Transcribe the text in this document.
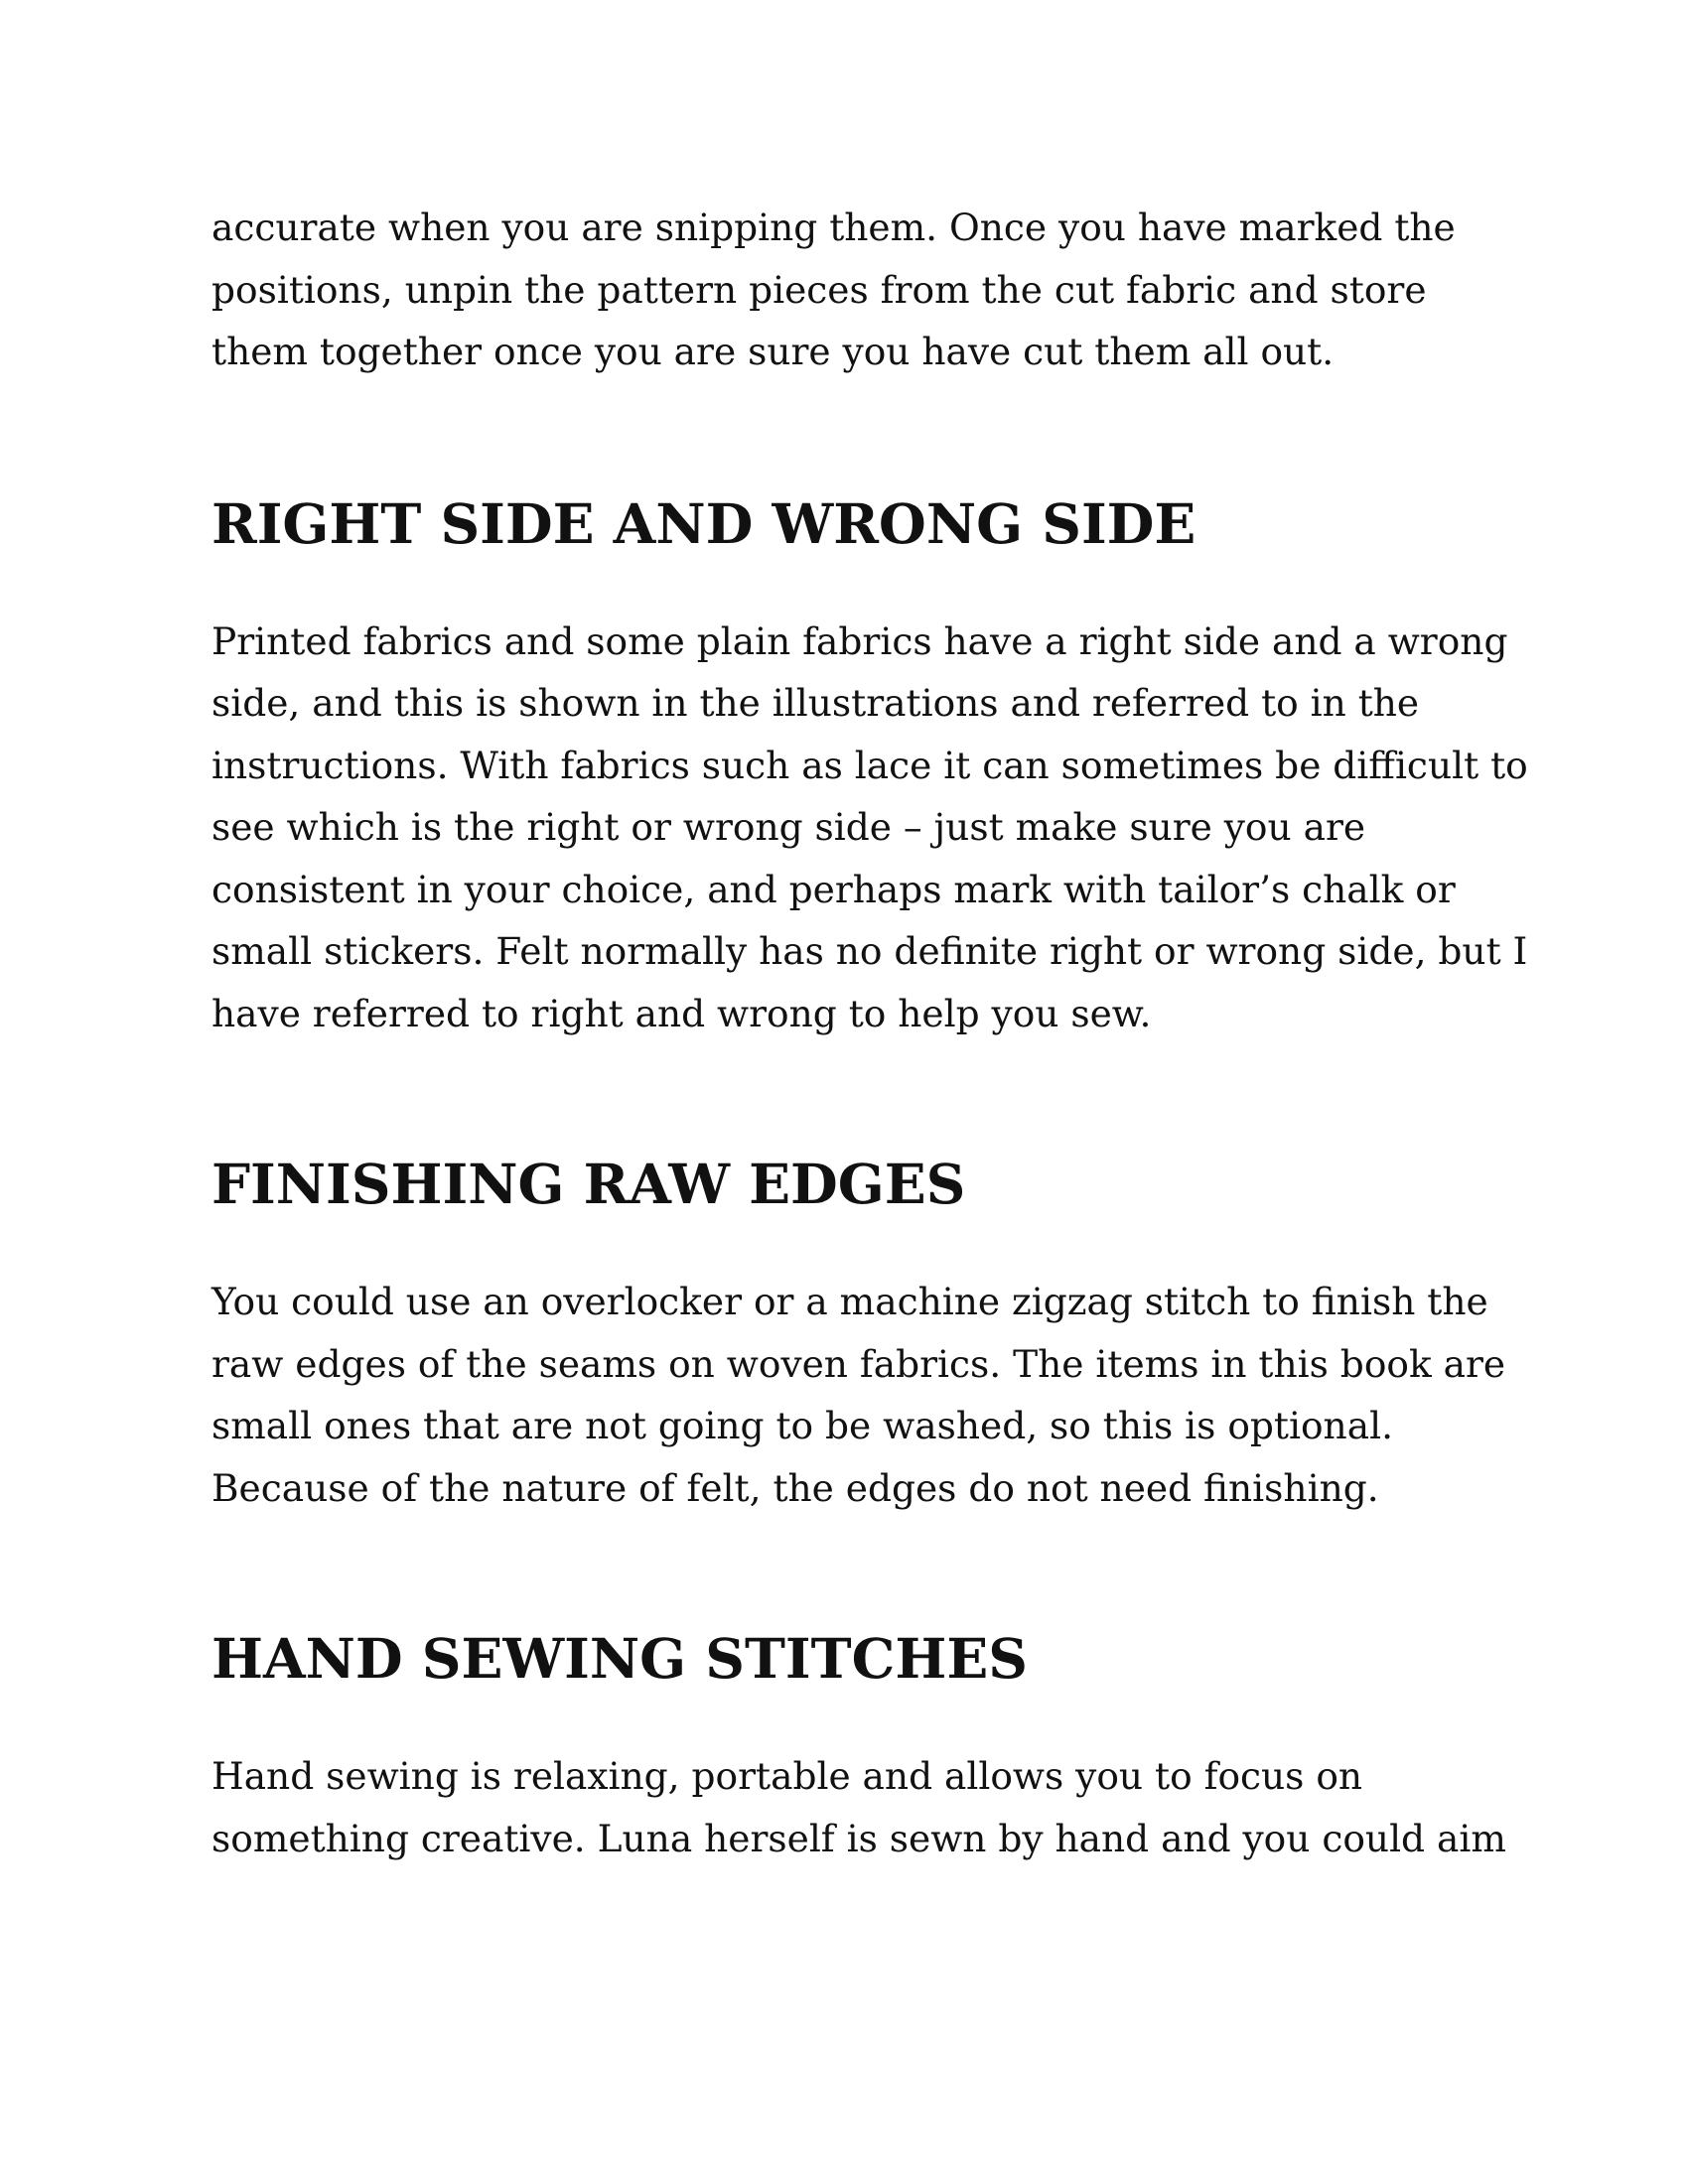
accurate when you are snipping them. Once you have marked the
positions, unpin the pattern pieces from the cut fabric and store
them together once you are sure you have cut them all out.

RIGHT SIDE AND WRONG SIDE

Printed fabrics and some plain fabrics have a right side and a wrong
side, and this is shown in the illustrations and referred to in the
instructions. With fabrics such as lace it can sometimes be difficult to
see which is the right or wrong side – just make sure you are
consistent in your choice, and perhaps mark with tailor’s chalk or
small stickers. Felt normally has no definite right or wrong side, but I
have referred to right and wrong to help you sew.

FINISHING RAW EDGES

You could use an overlocker or a machine zigzag stitch to finish the
raw edges of the seams on woven fabrics. The items in this book are
small ones that are not going to be washed, so this is optional.
Because of the nature of felt, the edges do not need finishing.

HAND SEWING STITCHES

Hand sewing is relaxing, portable and allows you to focus on
something creative. Luna herself is sewn by hand and you could aim
